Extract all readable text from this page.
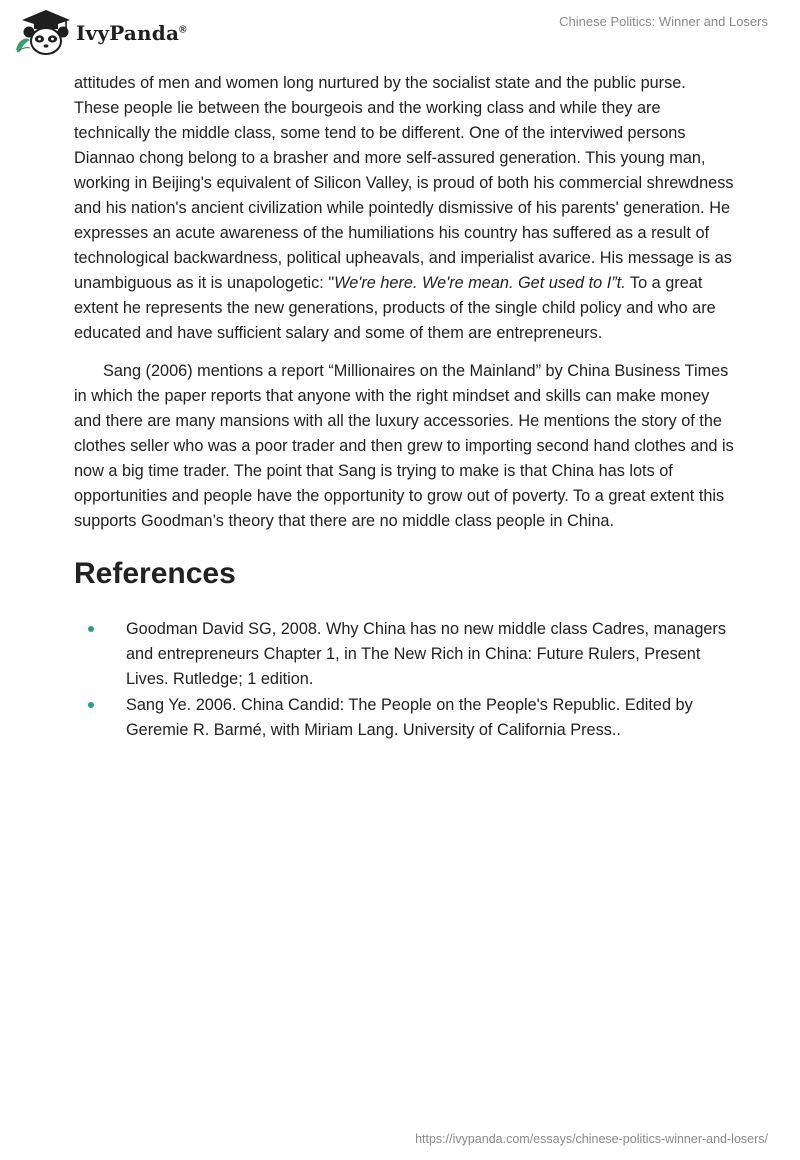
IvyPanda®
Chinese Politics: Winner and Losers

attitudes of men and women long nurtured by the socialist state and the public purse. These people lie between the bourgeois and the working class and while they are technically the middle class, some tend to be different. One of the interviwed persons Diannao chong belong to a brasher and more self-assured generation. This young man, working in Beijing's equivalent of Silicon Valley, is proud of both his commercial shrewdness and his nation's ancient civilization while pointedly dismissive of his parents' generation. He expresses an acute awareness of the humiliations his country has suffered as a result of technological backwardness, political upheavals, and imperialist avarice. His message is as unambiguous as it is unapologetic: "We're here. We're mean. Get used to I”t. To a great extent he represents the new generations, products of the single child policy and who are educated and have sufficient salary and some of them are entrepreneurs.

Sang (2006) mentions a report “Millionaires on the Mainland” by China Business Times in which the paper reports that anyone with the right mindset and skills can make money and there are many mansions with all the luxury accessories. He mentions the story of the clothes seller who was a poor trader and then grew to importing second hand clothes and is now a big time trader. The point that Sang is trying to make is that China has lots of opportunities and people have the opportunity to grow out of poverty. To a great extent this supports Goodman’s theory that there are no middle class people in China.

References
Goodman David SG, 2008. Why China has no new middle class Cadres, managers and entrepreneurs Chapter 1, in The New Rich in China: Future Rulers, Present Lives. Rutledge; 1 edition.
Sang Ye. 2006. China Candid: The People on the People's Republic. Edited by Geremie R. Barmé, with Miriam Lang. University of California Press..
https://ivypanda.com/essays/chinese-politics-winner-and-losers/
